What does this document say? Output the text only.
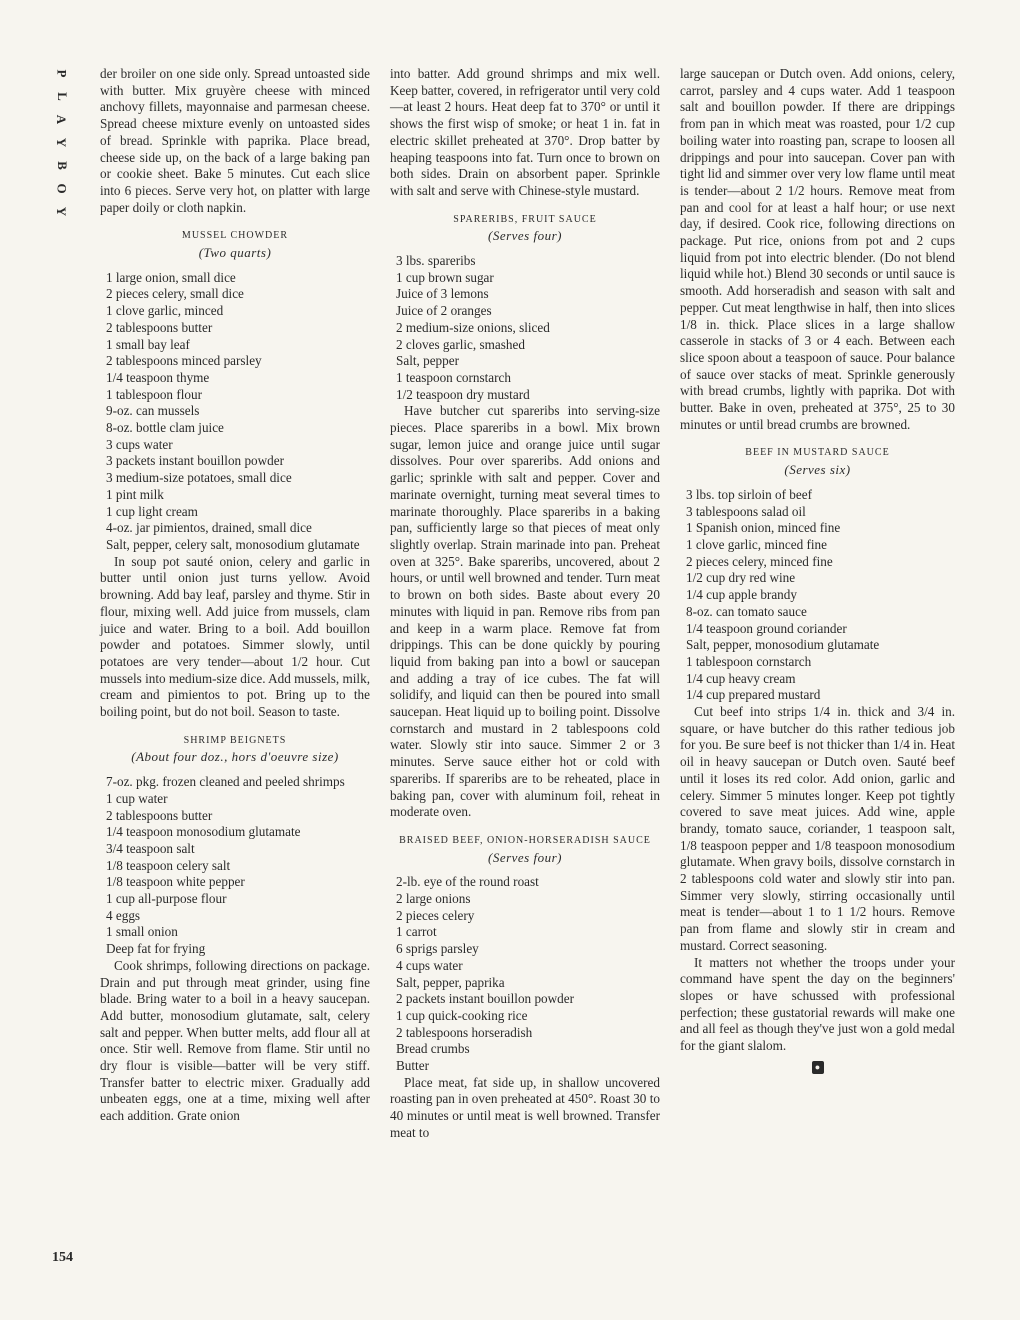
P
L
A
Y
B
O
Y
154

der broiler on one side only. Spread untoasted side with butter. Mix gruyère cheese with minced anchovy fillets, mayonnaise and parmesan cheese. Spread cheese mixture evenly on untoasted sides of bread. Sprinkle with paprika. Place bread, cheese side up, on the back of a large baking pan or cookie sheet. Bake 5 minutes. Cut each slice into 6 pieces. Serve very hot, on platter with large paper doily or cloth napkin.

MUSSEL CHOWDER
(Two quarts)
1 large onion, small dice
2 pieces celery, small dice
1 clove garlic, minced
2 tablespoons butter
1 small bay leaf
2 tablespoons minced parsley
1/4 teaspoon thyme
1 tablespoon flour
9-oz. can mussels
8-oz. bottle clam juice
3 cups water
3 packets instant bouillon powder
3 medium-size potatoes, small dice
1 pint milk
1 cup light cream
4-oz. jar pimientos, drained, small dice
Salt, pepper, celery salt, monosodium glutamate

In soup pot sauté onion, celery and garlic in butter until onion just turns yellow. Avoid browning. Add bay leaf, parsley and thyme. Stir in flour, mixing well. Add juice from mussels, clam juice and water. Bring to a boil. Add bouillon powder and potatoes. Simmer slowly, until potatoes are very tender—about 1/2 hour. Cut mussels into medium-size dice. Add mussels, milk, cream and pimientos to pot. Bring up to the boiling point, but do not boil. Season to taste.

SHRIMP BEIGNETS
(About four doz., hors d'oeuvre size)
7-oz. pkg. frozen cleaned and peeled shrimps
1 cup water
2 tablespoons butter
1/4 teaspoon monosodium glutamate
3/4 teaspoon salt
1/8 teaspoon celery salt
1/8 teaspoon white pepper
1 cup all-purpose flour
4 eggs
1 small onion
Deep fat for frying

Cook shrimps, following directions on package. Drain and put through meat grinder, using fine blade. Bring water to a boil in a heavy saucepan. Add butter, monosodium glutamate, salt, celery salt and pepper. When butter melts, add flour all at once. Stir well. Remove from flame. Stir until no dry flour is visible—batter will be very stiff. Transfer batter to electric mixer. Gradually add unbeaten eggs, one at a time, mixing well after each addition. Grate onion

into batter. Add ground shrimps and mix well. Keep batter, covered, in refrigerator until very cold—at least 2 hours. Heat deep fat to 370° or until it shows the first wisp of smoke; or heat 1 in. fat in electric skillet preheated at 370°. Drop batter by heaping teaspoons into fat. Turn once to brown on both sides. Drain on absorbent paper. Sprinkle with salt and serve with Chinese-style mustard.

SPARERIBS, FRUIT SAUCE
(Serves four)
3 lbs. spareribs
1 cup brown sugar
Juice of 3 lemons
Juice of 2 oranges
2 medium-size onions, sliced
2 cloves garlic, smashed
Salt, pepper
1 teaspoon cornstarch
1/2 teaspoon dry mustard

Have butcher cut spareribs into serving-size pieces. Place spareribs in a bowl. Mix brown sugar, lemon juice and orange juice until sugar dissolves. Pour over spareribs. Add onions and garlic; sprinkle with salt and pepper. Cover and marinate overnight, turning meat several times to marinate thoroughly. Place spareribs in a baking pan, sufficiently large so that pieces of meat only slightly overlap. Strain marinade into pan. Preheat oven at 325°. Bake spareribs, uncovered, about 2 hours, or until well browned and tender. Turn meat to brown on both sides. Baste about every 20 minutes with liquid in pan. Remove ribs from pan and keep in a warm place. Remove fat from drippings. This can be done quickly by pouring liquid from baking pan into a bowl or saucepan and adding a tray of ice cubes. The fat will solidify, and liquid can then be poured into small saucepan. Heat liquid up to boiling point. Dissolve cornstarch and mustard in 2 tablespoons cold water. Slowly stir into sauce. Simmer 2 or 3 minutes. Serve sauce either hot or cold with spareribs. If spareribs are to be reheated, place in baking pan, cover with aluminum foil, reheat in moderate oven.

BRAISED BEEF, ONION-HORSERADISH SAUCE
(Serves four)
2-lb. eye of the round roast
2 large onions
2 pieces celery
1 carrot
6 sprigs parsley
4 cups water
Salt, pepper, paprika
2 packets instant bouillon powder
1 cup quick-cooking rice
2 tablespoons horseradish
Bread crumbs
Butter

Place meat, fat side up, in shallow uncovered roasting pan in oven preheated at 450°. Roast 30 to 40 minutes or until meat is well browned. Transfer meat to

large saucepan or Dutch oven. Add onions, celery, carrot, parsley and 4 cups water. Add 1 teaspoon salt and bouillon powder. If there are drippings from pan in which meat was roasted, pour 1/2 cup boiling water into roasting pan, scrape to loosen all drippings and pour into saucepan. Cover pan with tight lid and simmer over very low flame until meat is tender—about 2 1/2 hours. Remove meat from pan and cool for at least a half hour; or use next day, if desired. Cook rice, following directions on package. Put rice, onions from pot and 2 cups liquid from pot into electric blender. (Do not blend liquid while hot.) Blend 30 seconds or until sauce is smooth. Add horseradish and season with salt and pepper. Cut meat lengthwise in half, then into slices 1/8 in. thick. Place slices in a large shallow casserole in stacks of 3 or 4 each. Between each slice spoon about a teaspoon of sauce. Pour balance of sauce over stacks of meat. Sprinkle generously with bread crumbs, lightly with paprika. Dot with butter. Bake in oven, preheated at 375°, 25 to 30 minutes or until bread crumbs are browned.

BEEF IN MUSTARD SAUCE
(Serves six)
3 lbs. top sirloin of beef
3 tablespoons salad oil
1 Spanish onion, minced fine
1 clove garlic, minced fine
2 pieces celery, minced fine
1/2 cup dry red wine
1/4 cup apple brandy
8-oz. can tomato sauce
1/4 teaspoon ground coriander
Salt, pepper, monosodium glutamate
1 tablespoon cornstarch
1/4 cup heavy cream
1/4 cup prepared mustard

Cut beef into strips 1/4 in. thick and 3/4 in. square, or have butcher do this rather tedious job for you. Be sure beef is not thicker than 1/4 in. Heat oil in heavy saucepan or Dutch oven. Sauté beef until it loses its red color. Add onion, garlic and celery. Simmer 5 minutes longer. Keep pot tightly covered to save meat juices. Add wine, apple brandy, tomato sauce, coriander, 1 teaspoon salt, 1/8 teaspoon pepper and 1/8 teaspoon monosodium glutamate. When gravy boils, dissolve cornstarch in 2 tablespoons cold water and slowly stir into pan. Simmer very slowly, stirring occasionally until meat is tender—about 1 to 1 1/2 hours. Remove pan from flame and slowly stir in cream and mustard. Correct seasoning.

It matters not whether the troops under your command have spent the day on the beginners' slopes or have schussed with professional perfection; these gustatorial rewards will make one and all feel as though they've just won a gold medal for the giant slalom.

●
